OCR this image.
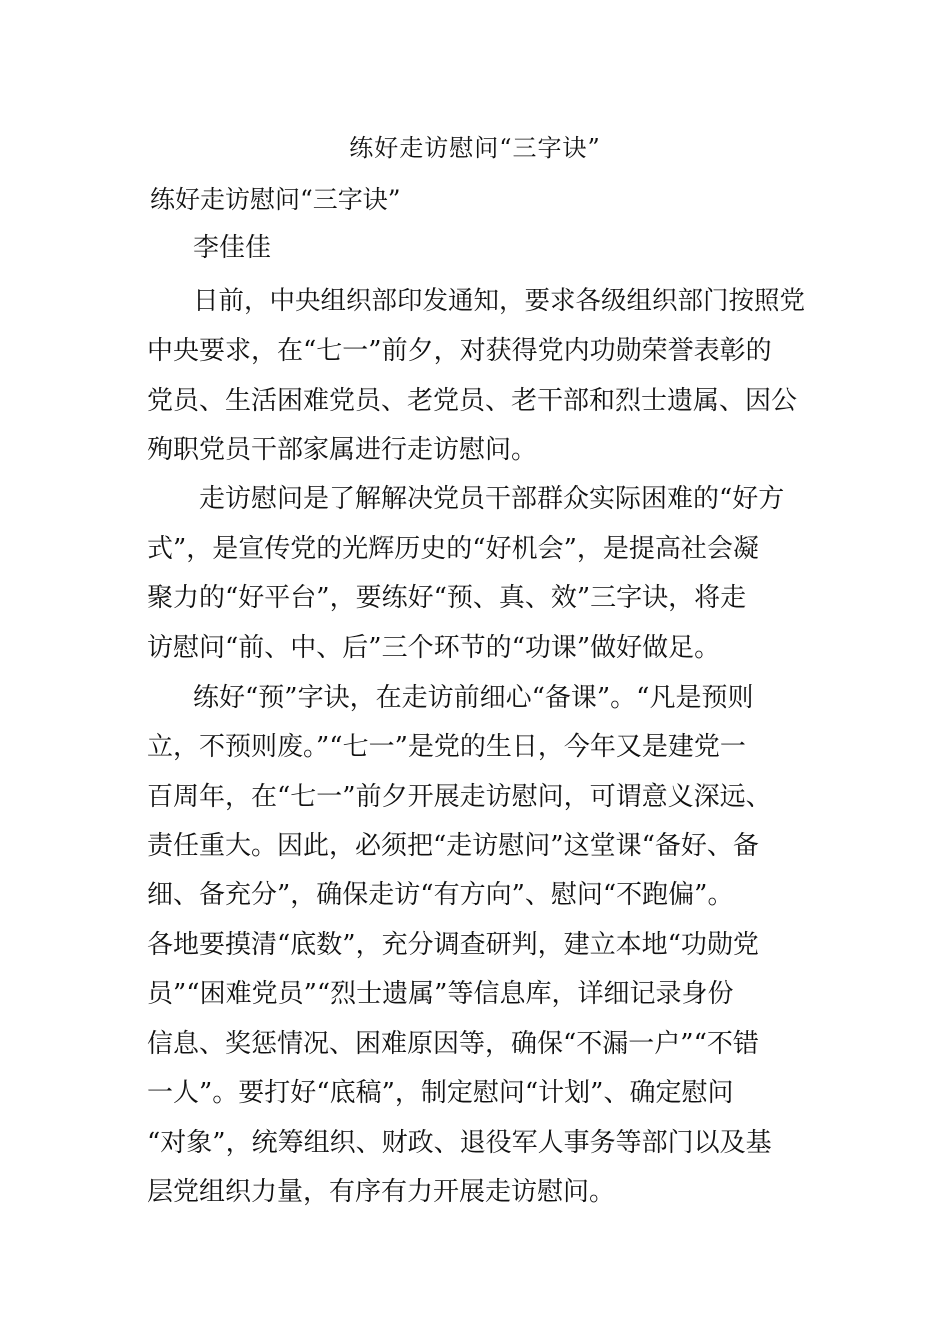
练好走访慰问“三字诀”
练好走访慰问“三字诀”
李佳佳
日前，中央组织部印发通知，要求各级组织部门按照党
中央要求，在“七一”前夕，对获得党内功勋荣誉表彰的
党员、生活困难党员、老党员、老干部和烈士遗属、因公
殉职党员干部家属进行走访慰问。
走访慰问是了解解决党员干部群众实际困难的“好方
式”，是宣传党的光辉历史的“好机会”，是提高社会凝
聚力的“好平台”，要练好“预、真、效”三字诀，将走
访慰问“前、中、后”三个环节的“功课”做好做足。
练好“预”字诀，在走访前细心“备课”。“凡是预则
立，不预则废。”“七一”是党的生日，今年又是建党一
百周年，在“七一”前夕开展走访慰问，可谓意义深远、
责任重大。因此，必须把“走访慰问”这堂课“备好、备
细、备充分”，确保走访“有方向”、慰问“不跑偏”。
各地要摸清“底数”，充分调查研判，建立本地“功勋党
员”“困难党员”“烈士遗属”等信息库，详细记录身份
信息、奖惩情况、困难原因等，确保“不漏一户”“不错
一人”。要打好“底稿”，制定慰问“计划”、确定慰问
“对象”，统筹组织、财政、退役军人事务等部门以及基
层党组织力量，有序有力开展走访慰问。
